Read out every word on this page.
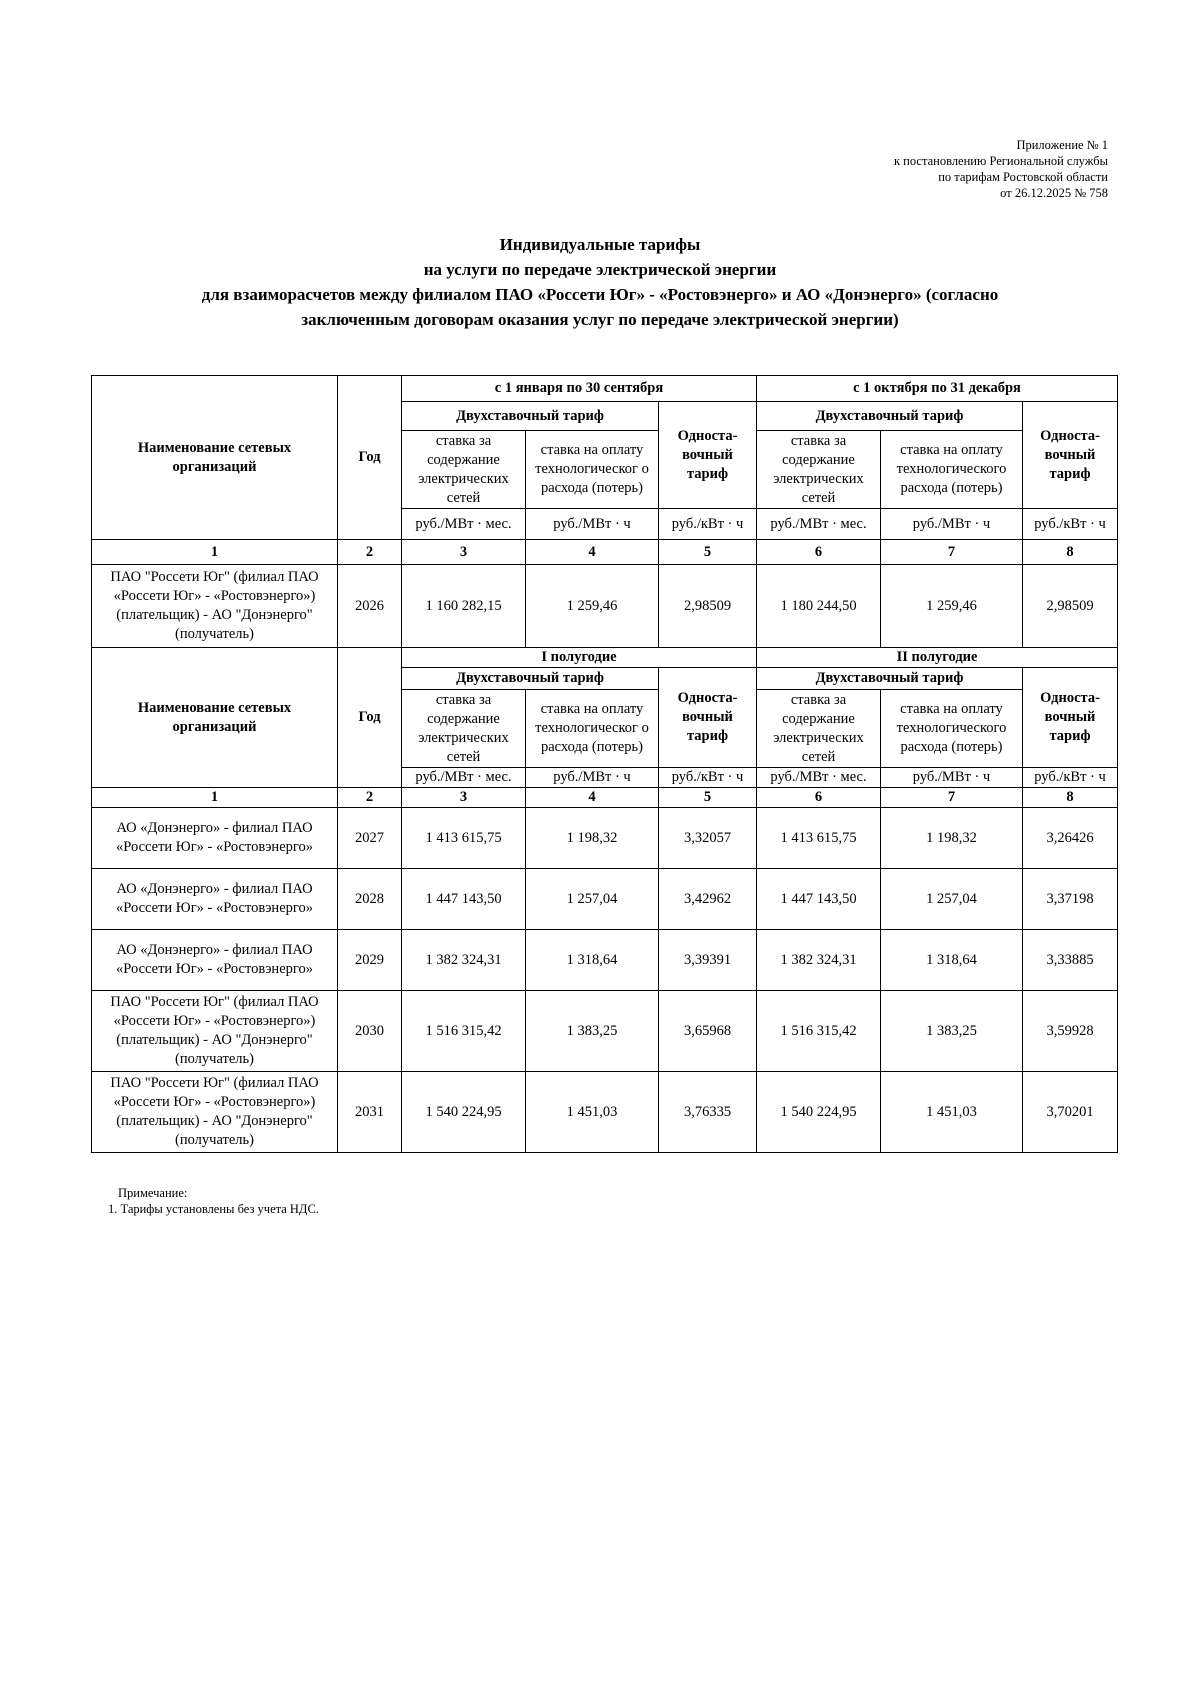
Приложение № 1
к постановлению Региональной службы
по тарифам Ростовской области
от 26.12.2025 № 758
Индивидуальные тарифы
на услуги по передаче электрической энергии
для взаиморасчетов между филиалом ПАО «Россети Юг» - «Ростовэнерго» и АО «Донэнерго» (согласно
заключенным договорам оказания услуг по передаче электрической энергии)
Наименование сетевых организаций	Год	с 1 января по 30 сентября			с 1 октября по 31 декабря		
		Двухставочный тариф		Односта-вочный тариф	Двухставочный тариф		Односта-вочный тариф
		ставка за содержание электрических сетей	ставка на оплату технологическог о расхода (потерь)		ставка за содержание электрических сетей	ставка на оплату технологического расхода (потерь)	
		руб./МВт · мес.	руб./МВт · ч	руб./кВт · ч	руб./МВт · мес.	руб./МВт · ч	руб./кВт · ч
1	2	3	4	5	6	7	8
ПАО "Россети Юг" (филиал ПАО «Россети Юг» - «Ростовэнерго») (плательщик) - АО "Донэнерго" (получатель)	2026	1 160 282,15	1 259,46	2,98509	1 180 244,50	1 259,46	2,98509
Наименование сетевых организаций	Год	I полугодие			II полугодие		
		Двухставочный тариф		Односта-вочный тариф	Двухставочный тариф		Односта-вочный тариф
		ставка за содержание электрических сетей	ставка на оплату технологическог о расхода (потерь)		ставка за содержание электрических сетей	ставка на оплату технологического расхода (потерь)	
		руб./МВт · мес.	руб./МВт · ч	руб./кВт · ч	руб./МВт · мес.	руб./МВт · ч	руб./кВт · ч
1	2	3	4	5	6	7	8
АО «Донэнерго» - филиал ПАО «Россети Юг» - «Ростовэнерго»	2027	1 413 615,75	1 198,32	3,32057	1 413 615,75	1 198,32	3,26426
АО «Донэнерго» - филиал ПАО «Россети Юг» - «Ростовэнерго»	2028	1 447 143,50	1 257,04	3,42962	1 447 143,50	1 257,04	3,37198
АО «Донэнерго» - филиал ПАО «Россети Юг» - «Ростовэнерго»	2029	1 382 324,31	1 318,64	3,39391	1 382 324,31	1 318,64	3,33885
ПАО "Россети Юг" (филиал ПАО «Россети Юг» - «Ростовэнерго») (плательщик) - АО "Донэнерго" (получатель)	2030	1 516 315,42	1 383,25	3,65968	1 516 315,42	1 383,25	3,59928
ПАО "Россети Юг" (филиал ПАО «Россети Юг» - «Ростовэнерго») (плательщик) - АО "Донэнерго" (получатель)	2031	1 540 224,95	1 451,03	3,76335	1 540 224,95	1 451,03	3,70201
Примечание:
1. Тарифы установлены без учета НДС.
